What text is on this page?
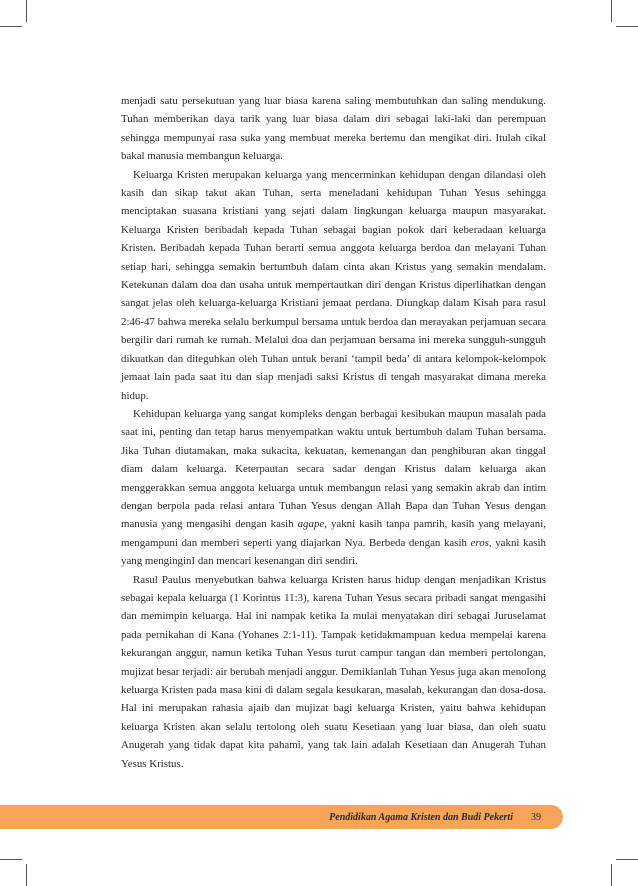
menjadi satu persekutuan yang luar biasa karena saling membutuhkan dan saling mendukung. Tuhan memberikan daya tarik yang luar biasa dalam diri sebagai laki-laki dan perempuan sehingga mempunyai rasa suka yang membuat mereka bertemu dan mengikat diri. Itulah cikal bakal manusia membangun keluarga.

Keluarga Kristen merupakan keluarga yang mencerminkan kehidupan dengan dilandasi oleh kasih dan sikap takut akan Tuhan, serta meneladani kehidupan Tuhan Yesus sehingga menciptakan suasana kristiani yang sejati dalam lingkungan keluarga maupun masyarakat. Keluarga Kristen beribadah kepada Tuhan sebagai bagian pokok dari keberadaan keluarga Kristen. Beribadah kepada Tuhan berarti semua anggota keluarga berdoa dan melayani Tuhan setiap hari, sehingga semakin bertumbuh dalam cinta akan Kristus yang semakin mendalam. Ketekunan dalam doa dan usaha untuk mempertautkan diri dengan Kristus diperlihatkan dengan sangat jelas oleh keluarga-keluarga Kristiani jemaat perdana. Diungkap dalam Kisah para rasul 2:46-47 bahwa mereka selalu berkumpul bersama untuk berdoa dan merayakan perjamuan secara bergilir dari rumah ke rumah. Melalui doa dan perjamuan bersama ini mereka sungguh-sungguh dikuatkan dan diteguhkan oleh Tuhan untuk berani ‘tampil beda’ di antara kelompok-kelompok jemaat lain pada saat itu dan siap menjadi saksi Kristus di tengah masyarakat dimana mereka hidup.

Kehidupan keluarga yang sangat kompleks dengan berbagai kesibukan maupun masalah pada saat ini, penting dan tetap harus menyempatkan waktu untuk bertumbuh dalam Tuhan bersama. Jika Tuhan diutamakan, maka sukacita, kekuatan, kemenangan dan penghiburan akan tinggal diam dalam keluarga. Keterpautan secara sadar dengan Kristus dalam keluarga akan menggerakkan semua anggota keluarga untuk membangun relasi yang semakin akrab dan intim dengan berpola pada relasi antara Tuhan Yesus dengan Allah Bapa dan Tuhan Yesus dengan manusia yang mengasihi dengan kasih agape, yakni kasih tanpa pamrih, kasih yang melayani, mengampuni dan memberi seperti yang diajarkan Nya. Berbeda dengan kasih eros, yakni kasih yang menginginI dan mencari kesenangan diri sendiri.

Rasul Paulus menyebutkan bahwa keluarga Kristen harus hidup dengan menjadikan Kristus sebagai kepala keluarga (1 Korintus 11:3), karena Tuhan Yesus secara pribadi sangat mengasihi dan memimpin keluarga. Hal ini nampak ketika Ia mulai menyatakan diri sebagai Juruselamat pada pernikahan di Kana (Yohanes 2:1-11). Tampak ketidakmampuan kedua mempelai karena kekurangan anggur, namun ketika Tuhan Yesus turut campur tangan dan memberi pertolongan, mujizat besar terjadi: air berubah menjadi anggur. Demikianlah Tuhan Yesus juga akan menolong keluarga Kristen pada masa kini di dalam segala kesukaran, masalah, kekurangan dan dosa-dosa. Hal ini merupakan rahasia ajaib dan mujizat bagi keluarga Kristen, yaitu bahwa kehidupan keluarga Kristen akan selalu tertolong oleh suatu Kesetiaan yang luar biasa, dan oleh suatu Anugerah yang tidak dapat kita pahami, yang tak lain adalah Kesetiaan dan Anugerah Tuhan Yesus Kristus.

Pendidikan Agama Kristen dan Budi Pekerti 39
